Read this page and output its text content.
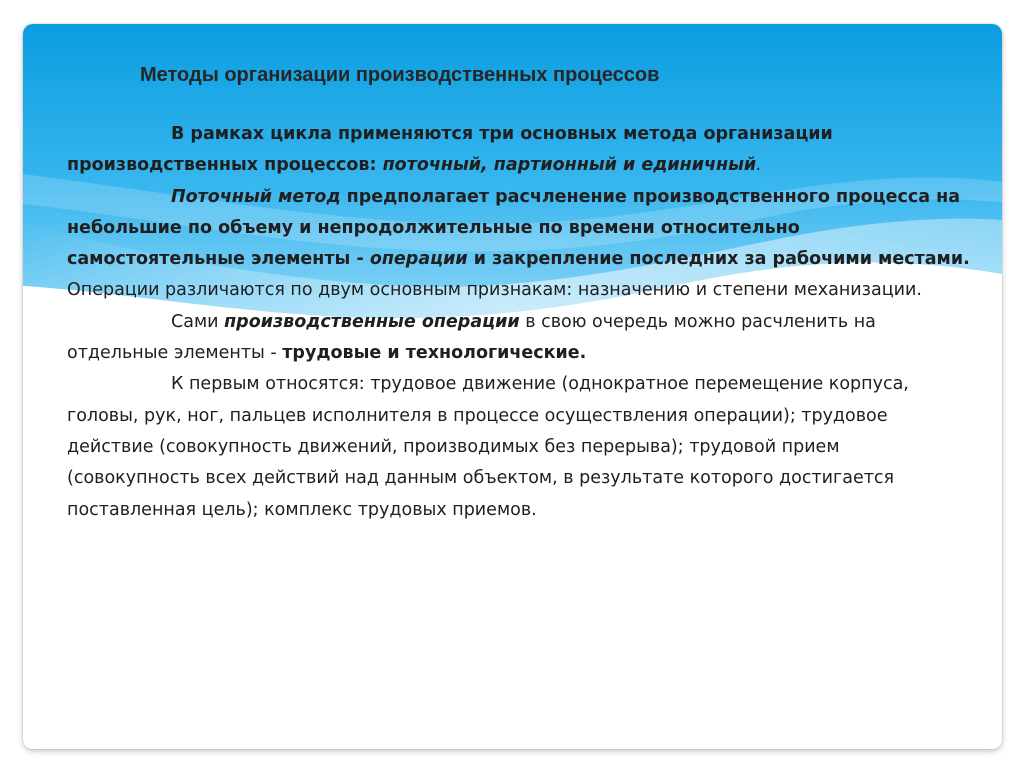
Методы организации производственных процессов

В рамках цикла применяются три основных метода организации производственных процессов: поточный, партионный и единичный.

Поточный метод предполагает расчленение производственного процесса на небольшие по объему и непродолжительные по времени относительно самостоятельные элементы - операции и закрепление последних за рабочими местами. Операции различаются по двум основным признакам: назначению и степени механизации.

Сами производственные операции в свою очередь можно расчленить на отдельные элементы - трудовые и технологические.

К первым относятся: трудовое движение (однократное перемещение корпуса, головы, рук, ног, пальцев исполнителя в процессе осуществления операции); трудовое действие (совокупность движений, производимых без перерыва); трудовой прием (совокупность всех действий над данным объектом, в результате которого достигается поставленная цель); комплекс трудовых приемов.
